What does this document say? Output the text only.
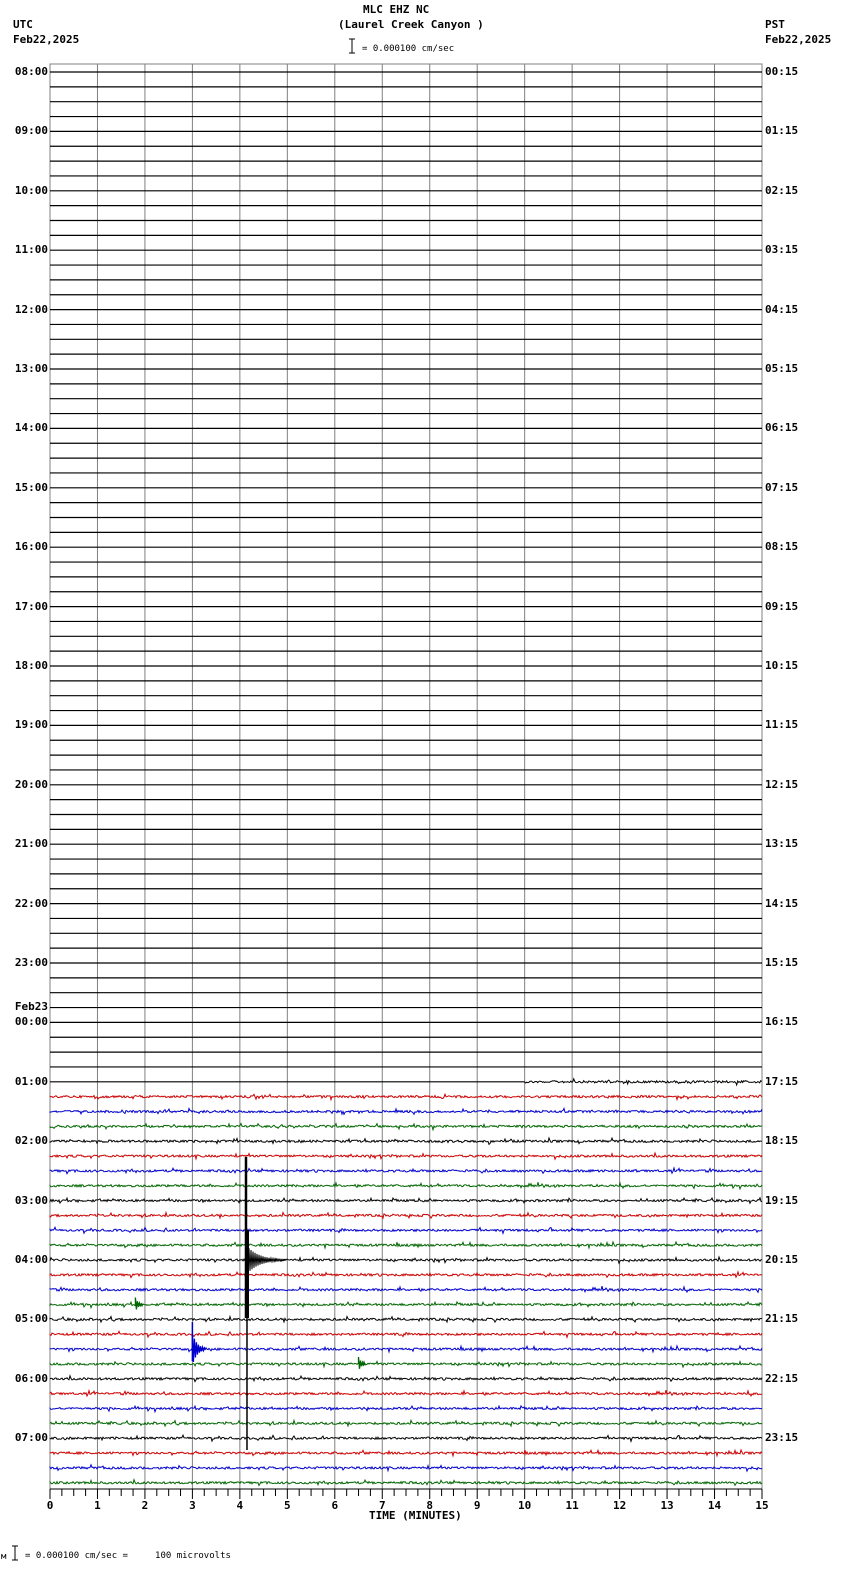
MLC EHZ NC
(Laurel Creek Canyon )
UTC
Feb22,2025
PST
Feb22,2025
= 0.000100 cm/sec
08:00
09:00
10:00
11:00
12:00
13:00
14:00
15:00
16:00
17:00
18:00
19:00
20:00
21:00
22:00
23:00
00:00
Feb23
01:00
02:00
03:00
04:00
05:00
06:00
07:00
00:15
01:15
02:15
03:15
04:15
05:15
06:15
07:15
08:15
09:15
10:15
11:15
12:15
13:15
14:15
15:15
16:15
17:15
18:15
19:15
20:15
21:15
22:15
23:15
0	1	2	3	4	5	6	7	8	9	10	11	12	13	14	15
TIME (MINUTES)
м = 0.000100 cm/sec =     100 microvolts
